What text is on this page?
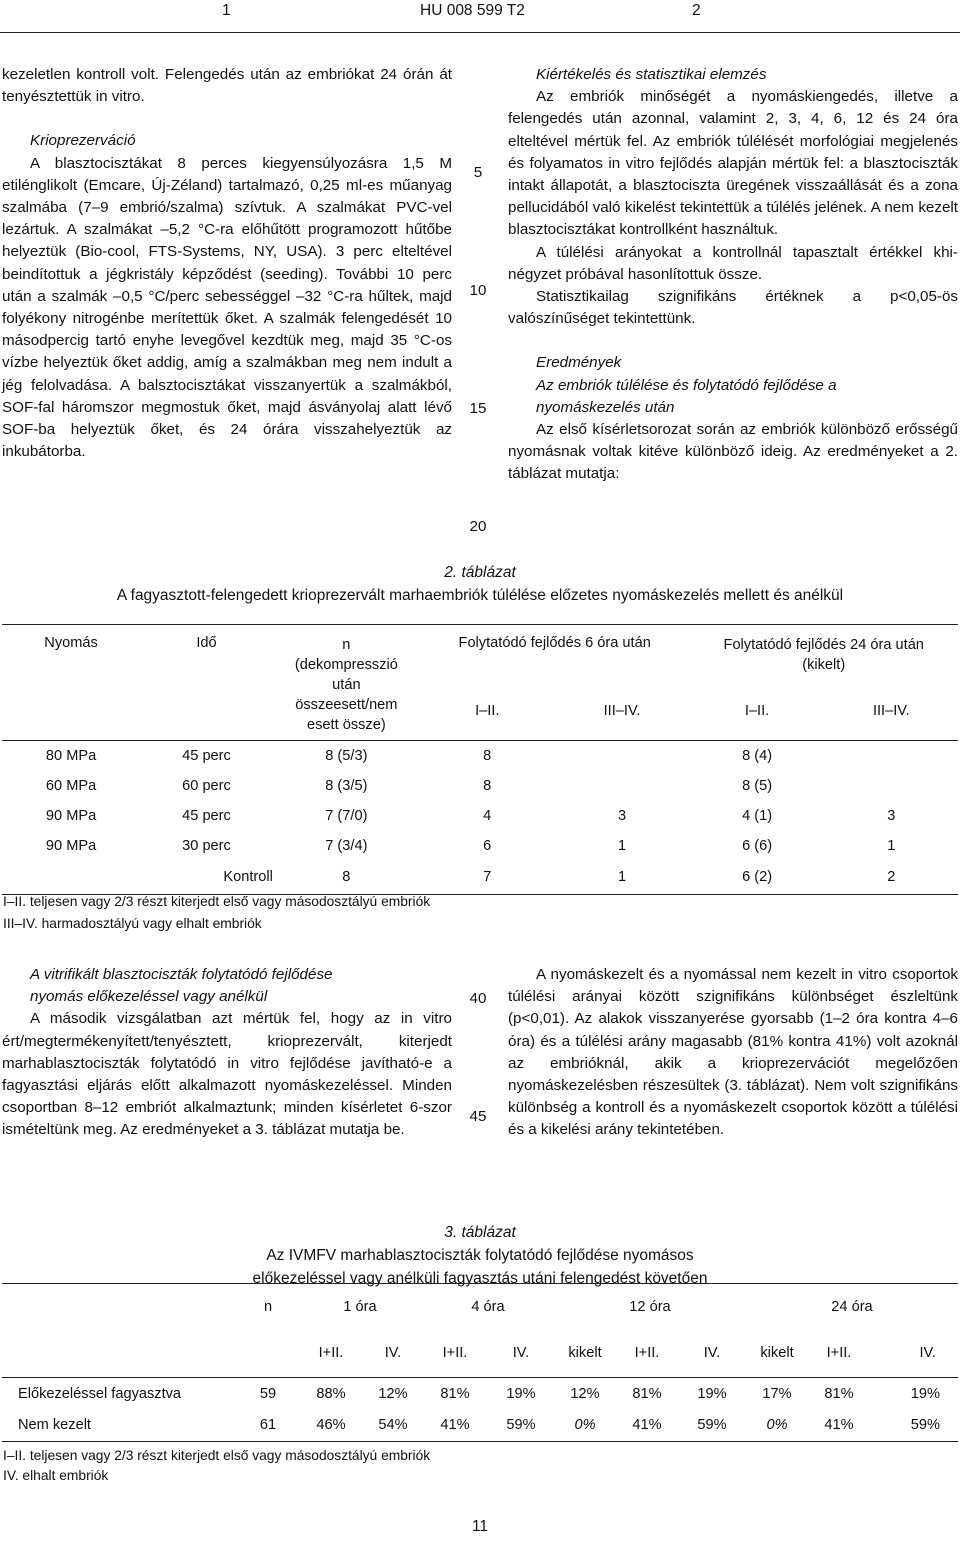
1	HU 008 599 T2	2

kezeletlen kontroll volt. Felengedés után az embriókat 24 órán át tenyésztettük in vitro.

Krioprezerváció

A blasztocisztákat 8 perces kiegyensúlyozásra 1,5 M etilénglikolt (Emcare, Új-Zéland) tartalmazó, 0,25 ml-es műanyag szalmába (7–9 embrió/szalma) szívtuk. A szalmákat PVC-vel lezártuk. A szalmákat –5,2 °C-ra előhűtött programozott hűtőbe helyeztük (Bio-cool, FTS-Systems, NY, USA). 3 perc elteltével beindítottuk a jégkristály képződést (seeding). További 10 perc után a szalmák –0,5 °C/perc sebességgel –32 °C-ra hűltek, majd folyékony nitrogénbe merítettük őket. A szalmák felengedését 10 másodpercig tartó enyhe levegővel kezdtük meg, majd 35 °C-os vízbe helyeztük őket addig, amíg a szalmákban meg nem indult a jég felolvadása. A balsztocisztákat visszanyertük a szalmákból, SOF-fal háromszor megmostuk őket, majd ásványolaj alatt lévő SOF-ba helyeztük őket, és 24 órára visszahelyeztük az inkubátorba.

5
10
15
20

Kiértékelés és statisztikai elemzés

Az embriók minőségét a nyomáskiengedés, illetve a felengedés után azonnal, valamint 2, 3, 4, 6, 12 és 24 óra elteltével mértük fel. Az embriók túlélését morfológiai megjelenés és folyamatos in vitro fejlődés alapján mértük fel: a blasztociszták intakt állapotát, a blasztociszta üregének visszaállását és a zona pellucidából való kikelést tekintettük a túlélés jelének. A nem kezelt blasztocisztákat kontrollként használtuk.

A túlélési arányokat a kontrollnál tapasztalt értékkel khi-négyzet próbával hasonlítottuk össze.

Statisztikailag szignifikáns értéknek a p<0,05-ös valószínűséget tekintettünk.

Eredmények

Az embriók túlélése és folytatódó fejlődése a

nyomáskezelés után

Az első kísérletsorozat során az embriók különböző erősségű nyomásnak voltak kitéve különböző ideig. Az eredményeket a 2. táblázat mutatja:

2. táblázat
A fagyasztott-felengedett krioprezervált marhaembriók túlélése előzetes nyomáskezelés mellett és anélkül
Nyomás	Idő	n (dekompresszió után összeesett/nem esett össze)	Folytatódó fejlődés 6 óra után		Folytatódó fejlődés 24 óra után (kikelt)	
			I–II.	III–IV.	I–II.	III–IV.
80 MPa	45 perc	8 (5/3)	8		8 (4)	
60 MPa	60 perc	8 (3/5)	8		8 (5)	
90 MPa	45 perc	7 (7/0)	4	3	4 (1)	3
90 MPa	30 perc	7 (3/4)	6	1	6 (6)	1
Kontroll		8	7	1	6 (2)	2
I–II. teljesen vagy 2/3 részt kiterjedt első vagy másodosztályú embriók
III–IV. harmadosztályú vagy elhalt embriók

A vitrifikált blasztociszták folytatódó fejlődése

nyomás előkezeléssel vagy anélkül

A második vizsgálatban azt mértük fel, hogy az in vitro ért/megtermékenyített/tenyésztett, krioprezervált, kiterjedt marhablasztociszták folytatódó in vitro fejlődése javítható-e a fagyasztási eljárás előtt alkalmazott nyomáskezeléssel. Minden csoportban 8–12 embriót alkalmaztunk; minden kísérletet 6-szor ismételtünk meg. Az eredményeket a 3. táblázat mutatja be.

40
45

A nyomáskezelt és a nyomással nem kezelt in vitro csoportok túlélési arányai között szignifikáns különbséget észleltünk (p<0,01). Az alakok visszanyerése gyorsabb (1–2 óra kontra 4–6 óra) és a túlélési arány magasabb (81% kontra 41%) volt azoknál az embrióknál, akik a krioprezervációt megelőzően nyomáskezelésben részesültek (3. táblázat). Nem volt szignifikáns különbség a kontroll és a nyomáskezelt csoportok között a túlélési és a kikelési arány tekintetében.

3. táblázat
Az IVMFV marhablasztociszták folytatódó fejlődése nyomásos
előkezeléssel vagy anélküli fagyasztás utáni felengedést követően
	n	1 óra		4 óra		12 óra			24 óra		
		I+II.	IV.	I+II.	IV.	kikelt	I+II.	IV.	kikelt	I+II.	IV.
Előkezeléssel fagyasztva	59	88%	12%	81%	19%	12%	81%	19%	17%	81%	19%
Nem kezelt	61	46%	54%	41%	59%	0%	41%	59%	0%	41%	59%
I–II. teljesen vagy 2/3 részt kiterjedt első vagy másodosztályú embriók
IV. elhalt embriók
11
